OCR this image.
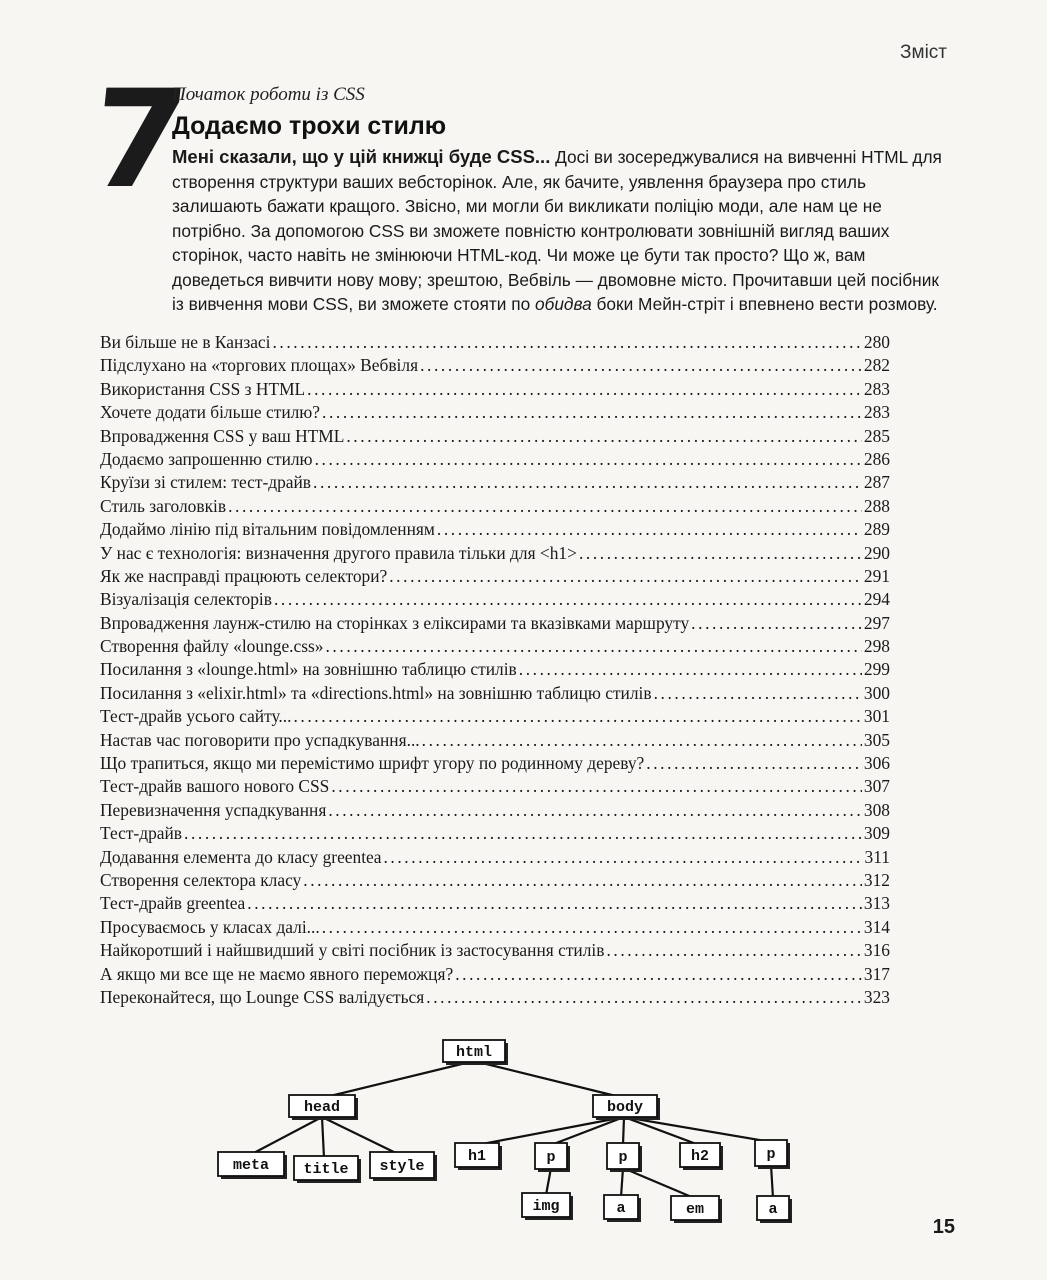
Зміст
7
Початок роботи із CSS
Додаємо трохи стилю
Мені сказали, що у цій книжці буде CSS... Досі ви зосереджувалися на вивченні HTML для створення структури ваших вебсторінок. Але, як бачите, уявлення браузера про стиль залишають бажати кращого. Звісно, ми могли би викликати поліцію моди, але нам це не потрібно. За допомогою CSS ви зможете повністю контролювати зовнішній вигляд ваших сторінок, часто навіть не змінюючи HTML-код. Чи може це бути так просто? Що ж, вам доведеться вивчити нову мову; зрештою, Вебвіль — двомовне місто. Прочитавши цей посібник із вивчення мови CSS, ви зможете стояти по обидва боки Мейн-стріт і впевнено вести розмову.
Ви більше не в Канзасі .....	280
Підслухано на «торгових площах» Вебвіля .....	282
Використання CSS з HTML .....	283
Хочете додати більше стилю? .....	283
Впровадження CSS у ваш HTML .....	285
Додаємо запрошенню стилю .....	286
Круїзи зі стилем: тест-драйв .....	287
Стиль заголовків .....	288
Додаймо лінію під вітальним повідомленням .....	289
У нас є технологія: визначення другого правила тільки для <h1> .....	290
Як же насправді працюють селектори? .....	291
Візуалізація селекторів .....	294
Впровадження лаунж-стилю на сторінках з еліксирами та вказівками маршруту .....	297
Створення файлу «lounge.css» .....	298
Посилання з «lounge.html» на зовнішню таблицю стилів .....	299
Посилання з «elixir.html» та «directions.html» на зовнішню таблицю стилів .....	300
Тест-драйв усього сайту... .....	301
Настав час поговорити про успадкування... .....	305
Що трапиться, якщо ми перемістимо шрифт угору по родинному дереву? .....	306
Тест-драйв вашого нового CSS .....	307
Перевизначення успадкування .....	308
Тест-драйв .....	309
Додавання елемента до класу greentea .....	311
Створення селектора класу .....	312
Тест-драйв greentea .....	313
Просуваємось у класах далі... .....	314
Найкоротший і найшвидший у світі посібник із застосування стилів .....	316
А якщо ми все ще не маємо явного переможця? .....	317
Переконайтеся, що Lounge CSS валідується .....	323
html
head	body
meta title style
h1	p	p	h2	p
img	a	em	a
15
